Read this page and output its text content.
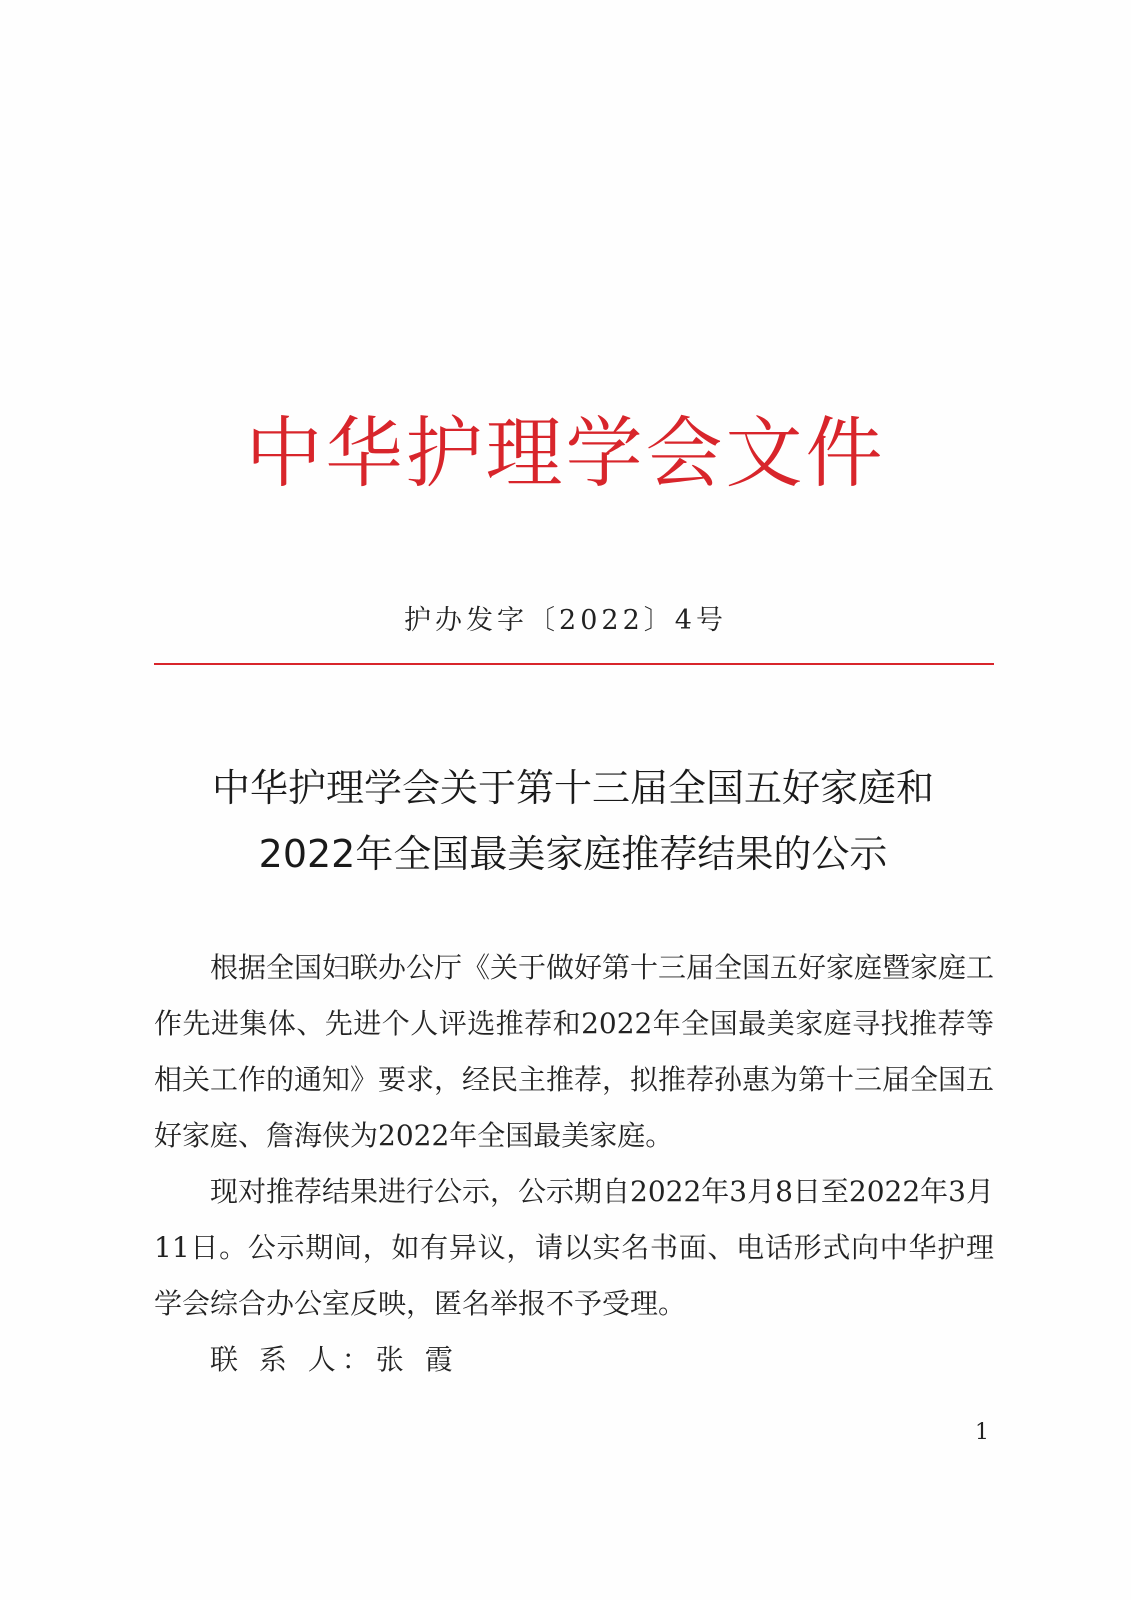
中华护理学会文件
护办发字〔2022〕4号
中华护理学会关于第十三届全国五好家庭和
2022年全国最美家庭推荐结果的公示

根据全国妇联办公厅《关于做好第十三届全国五好家庭暨家庭工作先进集体、先进个人评选推荐和2022年全国最美家庭寻找推荐等相关工作的通知》要求，经民主推荐，拟推荐孙惠为第十三届全国五好家庭、詹海侠为2022年全国最美家庭。

现对推荐结果进行公示，公示期自2022年3月8日至2022年3月11日。公示期间，如有异议，请以实名书面、电话形式向中华护理学会综合办公室反映，匿名举报不予受理。

联 系 人：张 霞

1
